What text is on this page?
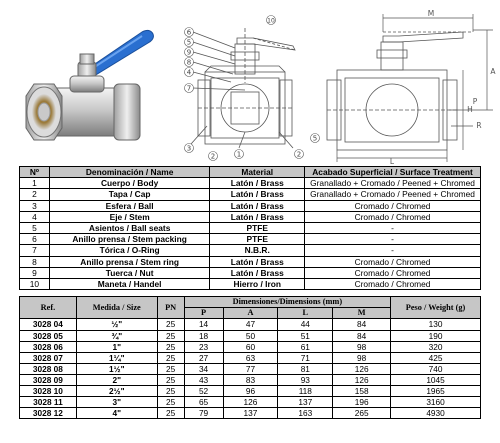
6
5
9
8
4
7
10
3
2	1	2
5
M
A
H
P
R
L
Nº	Denominación / Name	Material	Acabado Superficial / Surface Treatment
1	Cuerpo / Body	Latón / Brass	Granallado + Cromado / Peened + Chromed
2	Tapa / Cap	Latón / Brass	Granallado + Cromado / Peened + Chromed
3	Esfera / Ball	Latón / Brass	Cromado / Chromed
4	Eje / Stem	Latón / Brass	Cromado / Chromed
5	Asientos / Ball seats	PTFE	-
6	Anillo prensa / Stem packing	PTFE	-
7	Tórica / O-Ring	N.B.R.	-
8	Anillo prensa / Stem ring	Latón / Brass	Cromado / Chromed
9	Tuerca / Nut	Latón / Brass	Cromado / Chromed
10	Maneta / Handel	Hierro / Iron	Cromado / Chromed
Ref.	Medida / Size	PN	Dimensiones/Dimensions (mm)				Peso / Weight (g)
			P	A	L	M	
3028 04	½"	25	14	47	44	84	130
3028 05	¾"	25	18	50	51	84	190
3028 06	1"	25	23	60	61	98	320
3028 07	1¼"	25	27	63	71	98	425
3028 08	1½"	25	34	77	81	126	740
3028 09	2"	25	43	83	93	126	1045
3028 10	2½"	25	52	96	118	158	1965
3028 11	3"	25	65	126	137	196	3160
3028 12	4"	25	79	137	163	265	4930
